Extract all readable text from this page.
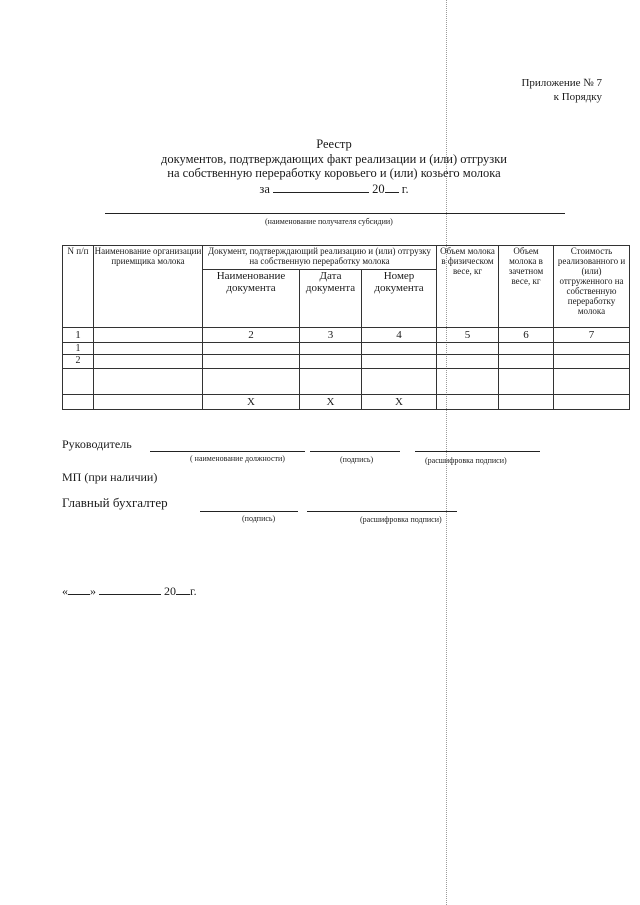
Приложение № 7
к Порядку
Реестр
документов, подтверждающих факт реализации и (или) отгрузки
на собственную переработку коровьего и (или) козьего молока
за	20 г.
(наименование получателя субсидии)
N п/п	Наименование организации приемщика молока	Документ, подтверждающий реализацию и (или) отгрузку на собственную переработку молока			Объем молока в физическом весе, кг	Объем молока в зачетном весе, кг	Стоимость реализованного и (или) отгруженного на собственную переработку молока
		Наименование документа	Дата документа	Номер документа			
1		2	3	4	5	6	7
1							
2							

		Х	Х	Х			
Руководитель
( наименование должности)	(подпись)	(расшифровка подписи)
МП (при наличии)
Главный бухгалтер
(подпись)	(расшифровка подписи)
« »	20 г.
